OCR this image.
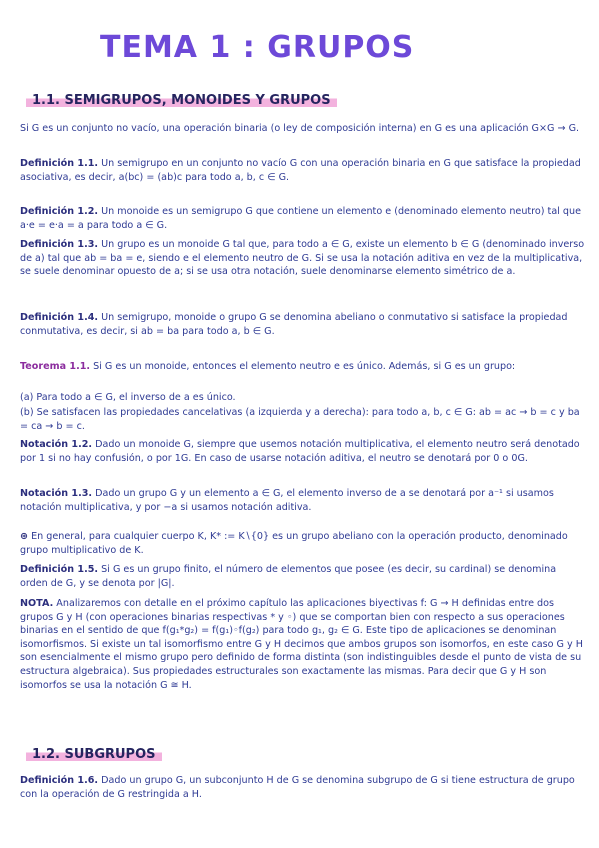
TEMA 1 : GRUPOS
1.1. SEMIGRUPOS, MONOIDES Y GRUPOS
Si G es un conjunto no vacío, una operación binaria (o ley de composición interna) en G es una aplicación G×G → G.
Definición 1.1. Un semigrupo en un conjunto no vacío G con una operación binaria en G que satisface la propiedad asociativa, es decir, a(bc) = (ab)c para todo a, b, c ∈ G.
Definición 1.2. Un monoide es un semigrupo G que contiene un elemento e (denominado elemento neutro) tal que a·e = e·a = a para todo a ∈ G.
Definición 1.3. Un grupo es un monoide G tal que, para todo a ∈ G, existe un elemento b ∈ G (denominado inverso de a) tal que ab = ba = e, siendo e el elemento neutro de G. Si se usa la notación aditiva en vez de la multiplicativa, se suele denominar opuesto de a; si se usa otra notación, suele denominarse elemento simétrico de a.
Definición 1.4. Un semigrupo, monoide o grupo G se denomina abeliano o conmutativo si satisface la propiedad conmutativa, es decir, si ab = ba para todo a, b ∈ G.
Teorema 1.1. Si G es un monoide, entonces el elemento neutro e es único. Además, si G es un grupo:
(a) Para todo a ∈ G, el inverso de a es único.
(b) Se satisfacen las propiedades cancelativas (a izquierda y a derecha): para todo a, b, c ∈ G: ab = ac → b = c y ba = ca → b = c.
Notación 1.2. Dado un monoide G, siempre que usemos notación multiplicativa, el elemento neutro será denotado por 1 si no hay confusión, o por 1G. En caso de usarse notación aditiva, el neutro se denotará por 0 o 0G.
Notación 1.3. Dado un grupo G y un elemento a ∈ G, el elemento inverso de a se denotará por a⁻¹ si usamos notación multiplicativa, y por −a si usamos notación aditiva.
⊛ En general, para cualquier cuerpo K, K* := K∖{0} es un grupo abeliano con la operación producto, denominado grupo multiplicativo de K.
Definición 1.5. Si G es un grupo finito, el número de elementos que posee (es decir, su cardinal) se denomina orden de G, y se denota por |G|.
NOTA. Analizaremos con detalle en el próximo capítulo las aplicaciones biyectivas f: G → H definidas entre dos grupos G y H (con operaciones binarias respectivas * y ◦) que se comportan bien con respecto a sus operaciones binarias en el sentido de que f(g₁*g₂) = f(g₁)◦f(g₂) para todo g₁, g₂ ∈ G. Este tipo de aplicaciones se denominan isomorfismos. Si existe un tal isomorfismo entre G y H decimos que ambos grupos son isomorfos, en este caso G y H son esencialmente el mismo grupo pero definido de forma distinta (son indistinguibles desde el punto de vista de su estructura algebraica). Sus propiedades estructurales son exactamente las mismas. Para decir que G y H son isomorfos se usa la notación G ≅ H.
1.2. SUBGRUPOS
Definición 1.6. Dado un grupo G, un subconjunto H de G se denomina subgrupo de G si tiene estructura de grupo con la operación de G restringida a H.
